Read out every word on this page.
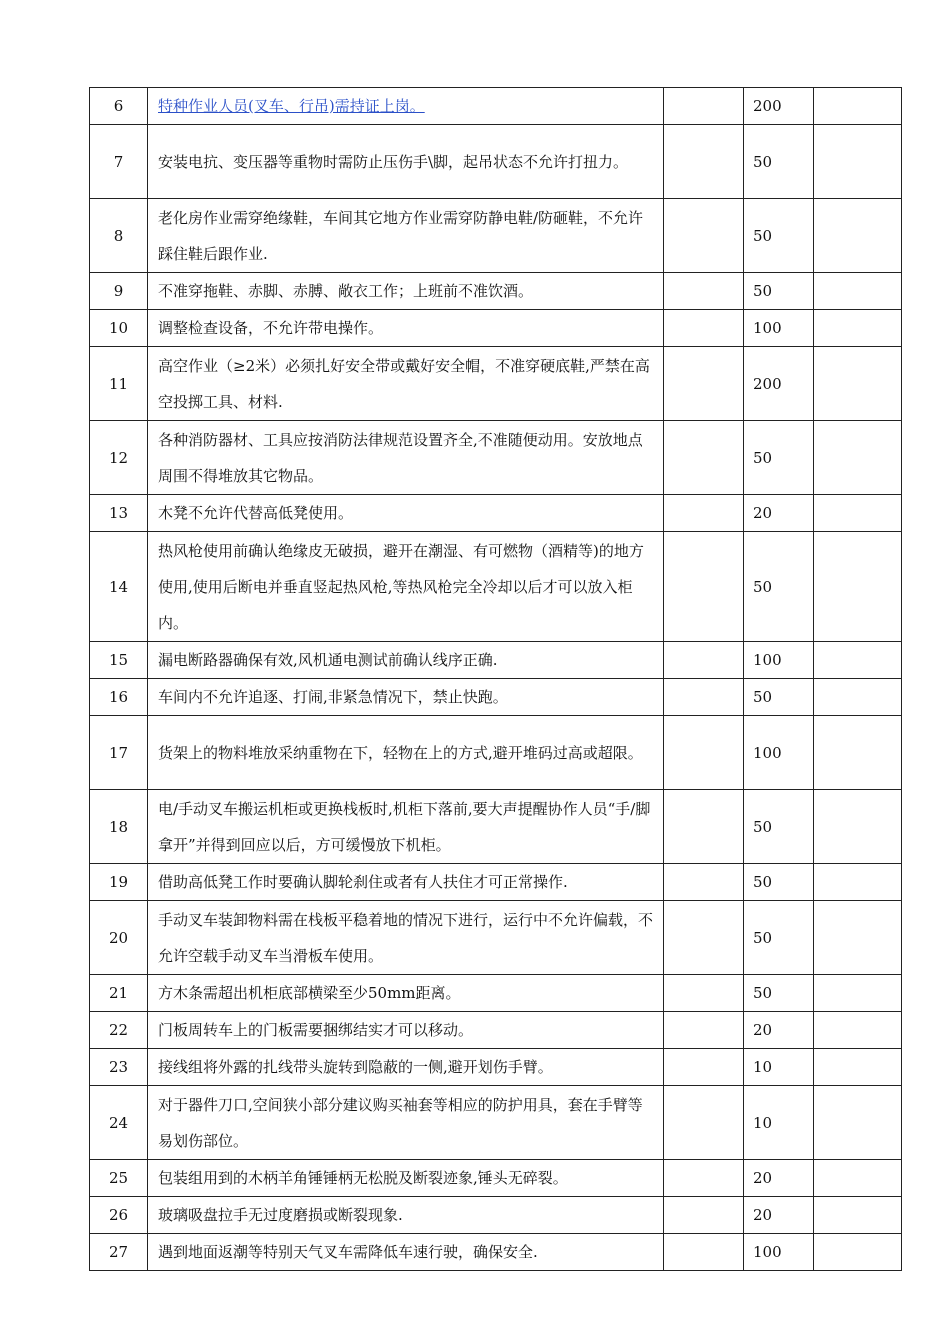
6	特种作业人员(叉车、行吊)需持证上岗。		200	
7	安装电抗、变压器等重物时需防止压伤手\脚，起吊状态不允许打扭力。		50	
8	老化房作业需穿绝缘鞋，车间其它地方作业需穿防静电鞋/防砸鞋，不允许踩住鞋后跟作业.		50	
9	不准穿拖鞋、赤脚、赤膊、敞衣工作；上班前不准饮酒。		50	
10	调整检查设备，不允许带电操作。		100	
11	高空作业（≥2米）必须扎好安全带或戴好安全帽，不准穿硬底鞋,严禁在高空投掷工具、材料.		200	
12	各种消防器材、工具应按消防法律规范设置齐全,不准随便动用。安放地点周围不得堆放其它物品。		50	
13	木凳不允许代替高低凳使用。		20	
14	热风枪使用前确认绝缘皮无破损，避开在潮湿、有可燃物（酒精等)的地方使用,使用后断电并垂直竖起热风枪,等热风枪完全冷却以后才可以放入柜内。		50	
15	漏电断路器确保有效,风机通电测试前确认线序正确.		100	
16	车间内不允许追逐、打闹,非紧急情况下，禁止快跑。		50	
17	货架上的物料堆放采纳重物在下，轻物在上的方式,避开堆码过高或超限。		100	
18	电/手动叉车搬运机柜或更换栈板时,机柜下落前,要大声提醒协作人员“手/脚拿开”并得到回应以后，方可缓慢放下机柜。		50	
19	借助高低凳工作时要确认脚轮刹住或者有人扶住才可正常操作.		50	
20	手动叉车装卸物料需在栈板平稳着地的情况下进行，运行中不允许偏载，不允许空载手动叉车当滑板车使用。		50	
21	方木条需超出机柜底部横梁至少50mm距离。		50	
22	门板周转车上的门板需要捆绑结实才可以移动。		20	
23	接线组将外露的扎线带头旋转到隐蔽的一侧,避开划伤手臂。		10	
24	对于器件刀口,空间狭小部分建议购买袖套等相应的防护用具，套在手臂等易划伤部位。		10	
25	包装组用到的木柄羊角锤锤柄无松脱及断裂迹象,锤头无碎裂。		20	
26	玻璃吸盘拉手无过度磨损或断裂现象.		20	
27	遇到地面返潮等特别天气叉车需降低车速行驶，确保安全.		100	
